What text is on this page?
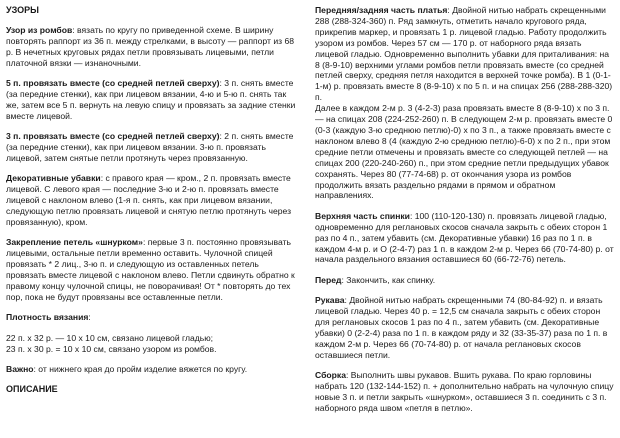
УЗОРЫ

Узор из ромбов: вязать по кругу по приведенной схеме. В ширину повторять раппорт из 36 п. между стрелками, в высоту — раппорт из 68 р. В нечетных круговых рядах петли провязывать лицевыми, петли платочной вязки — изнаночными.

5 п. провязать вместе (со средней петлей сверху): 3 п. снять вместе (за передние стенки), как при лицевом вязании, 4-ю и 5-ю п. снять так же, затем все 5 п. вернуть на левую спицу и провязать за задние стенки вместе лицевой.

3 п. провязать вместе (со средней петлей сверху): 2 п. снять вместе (за передние стенки), как при лицевом вязании. 3-ю п. провязать лицевой, затем снятые петли протянуть через провязанную.

Декоративные убавки: с правого края — кром., 2 п. провязать вместе лицевой. С левого края — последние 3-ю и 2-ю п. провязать вместе лицевой с наклоном влево (1-я п. снять, как при лицевом вязании, следующую петлю провязать лицевой и снятую петлю протянуть через провязанную), кром.

Закрепление петель «шнурком»: первые 3 п. постоянно провязывать лицевыми, остальные петли временно оставить. Чулочной спицей провязать * 2 лиц., 3-ю п. и следующую из оставленных петель провязать вместе лицевой с наклоном влево. Петли сдвинуть обратно к правому концу чулочной спицы, не поворачивая! От * повторять до тех пор, пока не будут провязаны все оставленные петли.

Плотность вязания:

22 п. х 32 р. — 10 х 10 см, связано лицевой гладью;

23 п. х 30 р. = 10 х 10 см, связано узором из ромбов.

Важно: от нижнего края до пройм изделие вяжется по кругу.

ОПИСАНИЕ

Передняя/задняя часть платья: Двойной нитью набрать скрещенными 288 (288-324-360) п. Ряд замкнуть, отметить начало кругового ряда, прикрепив маркер, и провязать 1 р. лицевой гладью. Работу продолжить узором из ромбов. Через 57 см — 170 р. от наборного ряда вязать лицевой гладью. Одновременно выполнить убавки для приталивания: на 8 (8-9-10) верхними углами ромбов петли провязать вместе (со средней петлей сверху, средняя петля находится в верхней точке ромба). В 1 (0-1-1-м) р. провязать вместе 8 (8-9-10) х по 5 п. и на спицах 256 (288-288-320) п.

Далее в каждом 2-м р. 3 (4-2-3) раза провязать вместе 8 (8-9-10) х по 3 п. — на спицах 208 (224-252-260) п. В следующем 2-м р. провязать вместе 0 (0-3 (каждую 3-ю среднюю петлю)-0) х по 3 п., а также провязать вместе с наклоном влево 8 (4 (каждую 2-ю среднюю петлю)-6-0) х по 2 п., при этом средние петли отмечены и провязать вместе со следующей петлей — на спицах 200 (220-240-260) п., при этом средние петли предыдущих убавок сохранять. Через 80 (77-74-68) р. от окончания узора из ромбов продолжить вязать раздельно рядами в прямом и обратном направлениях.

Верхняя часть спинки: 100 (110-120-130) п. провязать лицевой гладью, одновременно для реглановых скосов сначала закрыть с обеих сторон 1 раз по 4 п., затем убавить (см. Декоративные убавки) 16 раз по 1 п. в каждом 4-м р. и О (2-4-7) раз 1 п. в каждом 2-м р. Через 66 (70-74-80) р. от начала раздельного вязания оставшиеся 60 (66-72-76) петель.

Перед: Закончить, как спинку.

Рукава: Двойной нитью набрать скрещенными 74 (80-84-92) п. и вязать лицевой гладью. Через 40 р. = 12,5 см сначала закрыть с обеих сторон для реглановых скосов 1 раз по 4 п., затем убавить (см. Декоративные убавки) 0 (2-2-4) раза по 1 п. в каждом ряду и 32 (33-35-37) раза по 1 п. в каждом 2-м р. Через 66 (70-74-80) р. от начала реглановых скосов оставшиеся петли.

Сборка: Выполнить швы рукавов. Вшить рукава. По краю горловины набрать 120 (132-144-152) п. + дополнительно набрать на чулочную спицу новые 3 п. и петли закрыть «шнурком», оставшиеся 3 п. соединить с 3 п. наборного ряда швом «петля в петлю».
